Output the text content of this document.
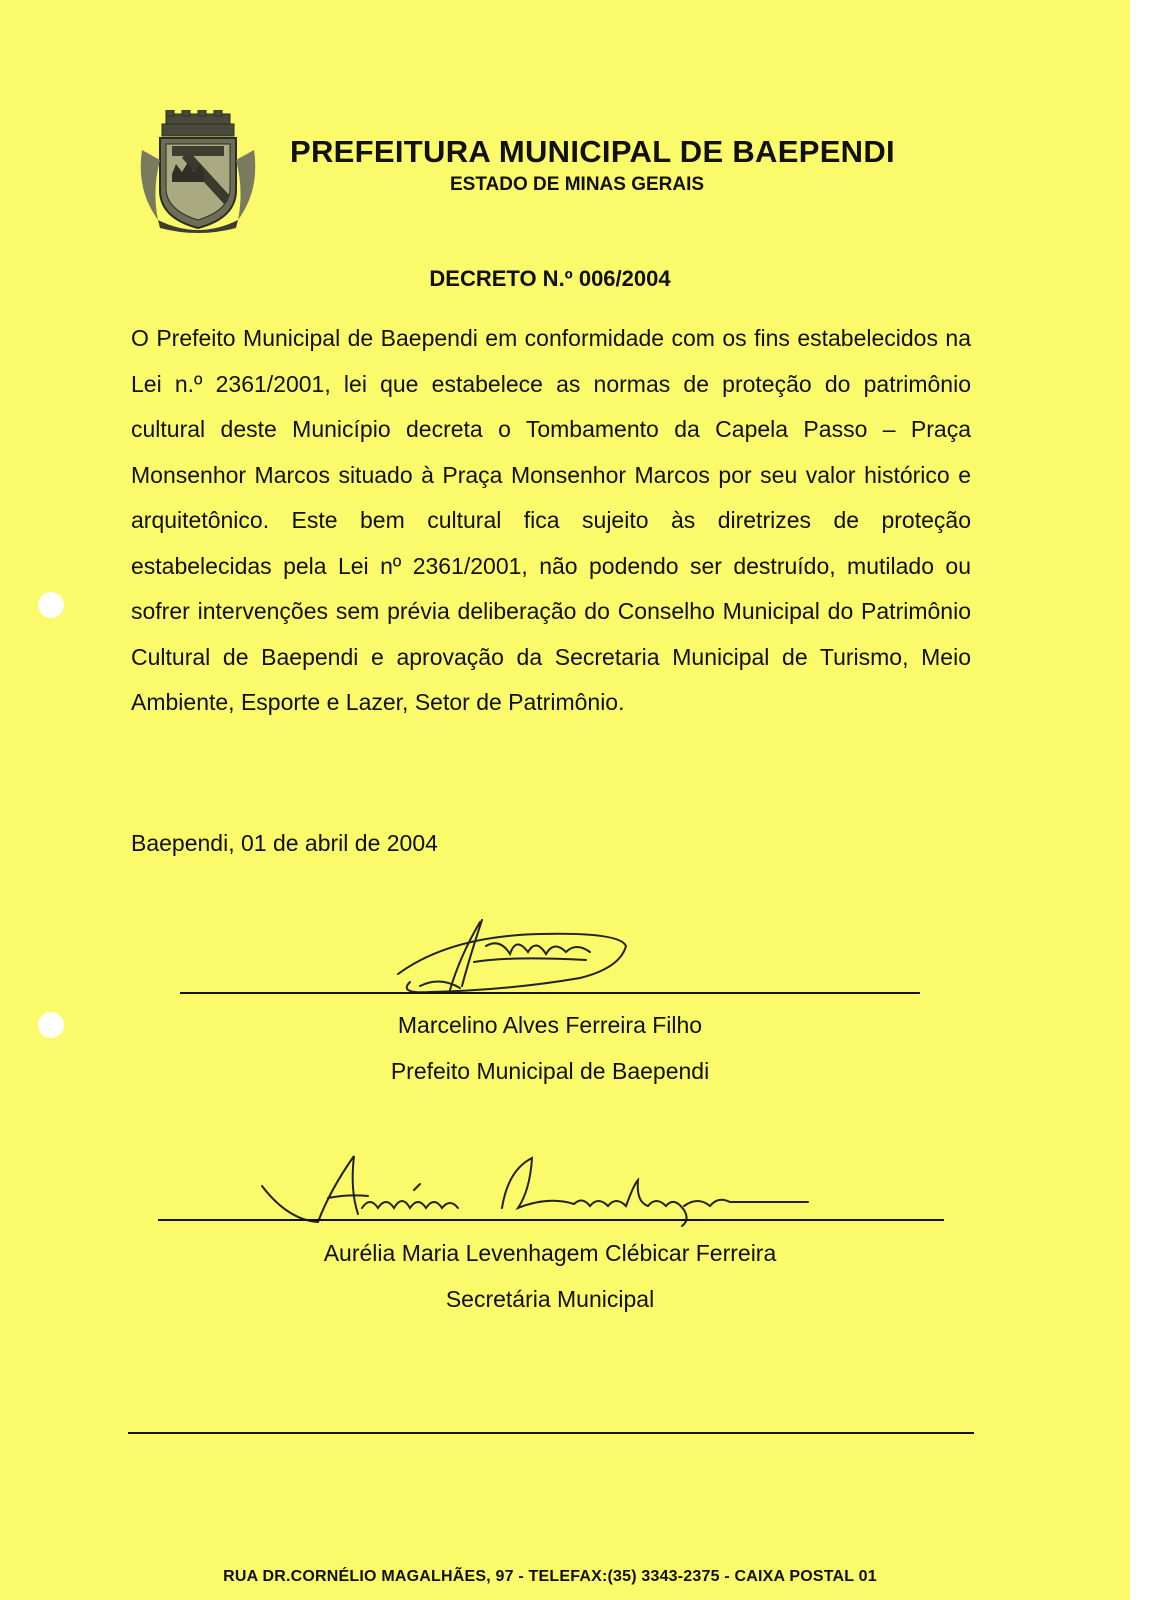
PREFEITURA MUNICIPAL DE BAEPENDI
ESTADO DE MINAS GERAIS
DECRETO N.º 006/2004

O Prefeito Municipal de Baependi em conformidade com os fins estabelecidos na Lei n.º 2361/2001, lei que estabelece as normas de proteção do patrimônio cultural deste Município decreta o Tombamento da Capela Passo – Praça Monsenhor Marcos situado à Praça Monsenhor Marcos por seu valor histórico e arquitetônico. Este bem cultural fica sujeito às diretrizes de proteção estabelecidas pela Lei nº 2361/2001, não podendo ser destruído, mutilado ou sofrer intervenções sem prévia deliberação do Conselho Municipal do Patrimônio Cultural de Baependi e aprovação da Secretaria Municipal de Turismo, Meio Ambiente, Esporte e Lazer, Setor de Patrimônio.

Baependi, 01 de abril de 2004
Marcelino Alves Ferreira Filho
Prefeito Municipal de Baependi
Aurélia Maria Levenhagem Clébicar Ferreira
Secretária Municipal
RUA DR.CORNÉLIO MAGALHÃES, 97 - TELEFAX:(35) 3343-2375 - CAIXA POSTAL 01
